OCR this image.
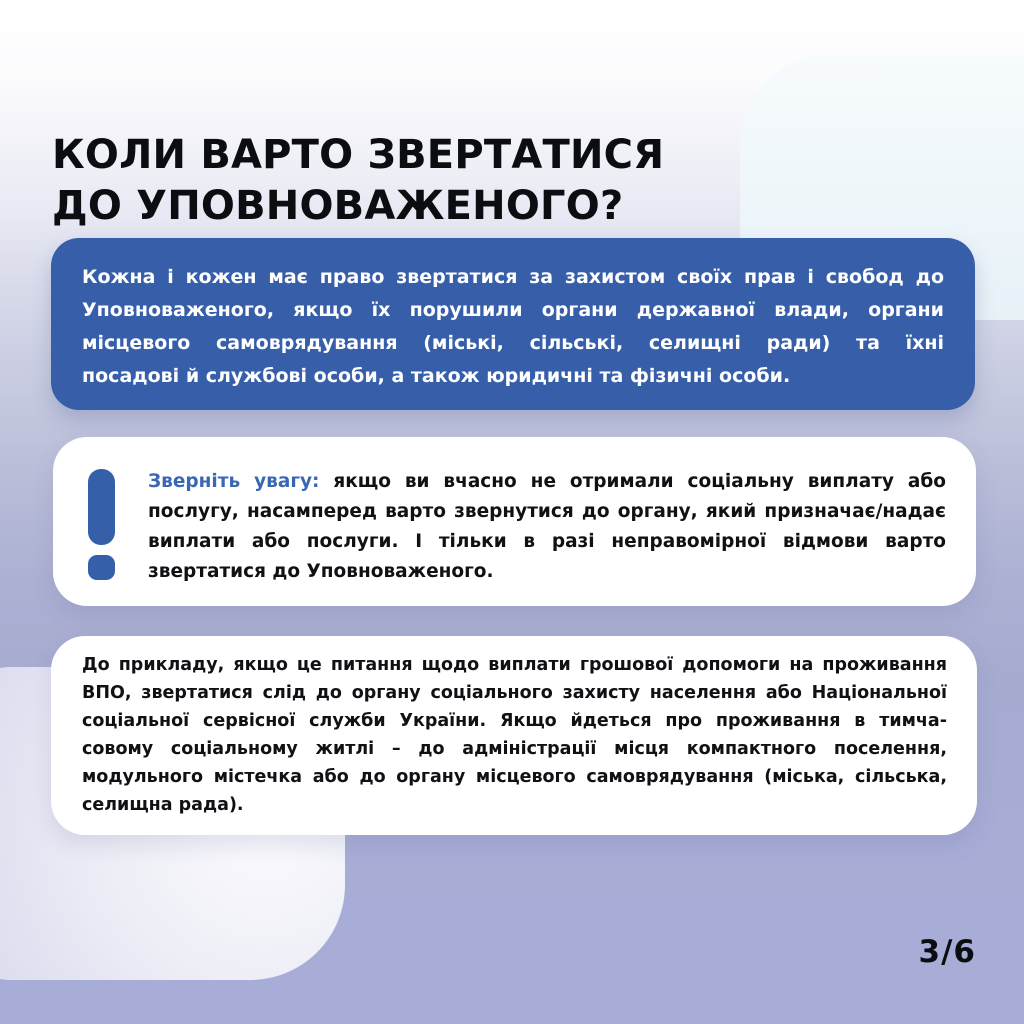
КОЛИ ВАРТО ЗВЕРТАТИСЯ
ДО УПОВНОВАЖЕНОГО?
Кожна і кожен має право звертатися за захистом своїх прав і свобод до
Уповноваженого, якщо їх порушили органи державної влади, органи
місцевого самоврядування (міські, сільські, селищні ради) та їхні
посадові й службові особи, а також юридичні та фізичні особи.
Зверніть увагу: якщо ви вчасно не отримали соціальну виплату або
послугу, насамперед варто звернутися до органу, який призначає/надає
виплати або послуги. І тільки в разі неправомірної відмови варто
звертатися до Уповноваженого.
До прикладу, якщо це питання щодо виплати грошової допомоги на проживання
ВПО, звертатися слід до органу соціального захисту населення або Національної
соціальної сервісної служби України. Якщо йдеться про проживання в тимча-
совому соціальному житлі – до адміністрації місця компактного поселення,
модульного містечка або до органу місцевого самоврядування (міська, сільська,
селищна рада).
3/6
